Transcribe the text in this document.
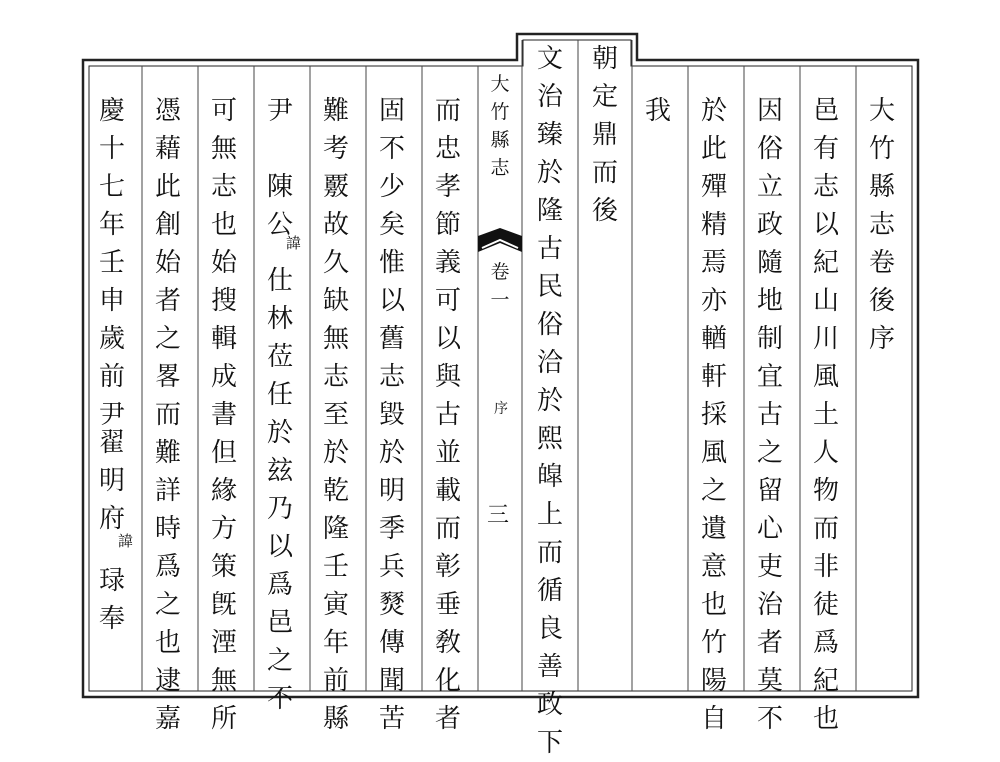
大
竹
縣
志
卷
後
序
邑
有
志
以
紀
山
川
風
土
人
物
而
非
徒
爲
紀
也
因
俗
立
政
隨
地
制
宜
古
之
留
心
吏
治
者
莫
不
於
此
殫
精
焉
亦
輶
軒
採
風
之
遺
意
也
竹
陽
自
我
朝
定
鼎
而
後
文
治
臻
於
隆
古
民
俗
洽
於
熙
皡
上
而
循
良
善
政
下
而
忠
孝
節
義
可
以
與
古
並
載
而
彰
垂
敎
化
者
固
不
少
矣
惟
以
舊
志
毀
於
明
季
兵
燹
傳
聞
苦
難
考
覈
故
久
缺
無
志
至
於
乾
隆
壬
寅
年
前
縣
尹
陳
公
諱
仕
林
莅
任
於
玆
乃
以
爲
邑
之
不
可
無
志
也
始
搜
輯
成
書
但
緣
方
策
旣
湮
無
所
憑
藉
此
創
始
者
之
畧
而
難
詳
時
爲
之
也
逮
嘉
慶
十
七
年
壬
申
歲
前
尹
翟
明
府
諱
琭
奉
大
竹
縣
志
卷
一
序
三
